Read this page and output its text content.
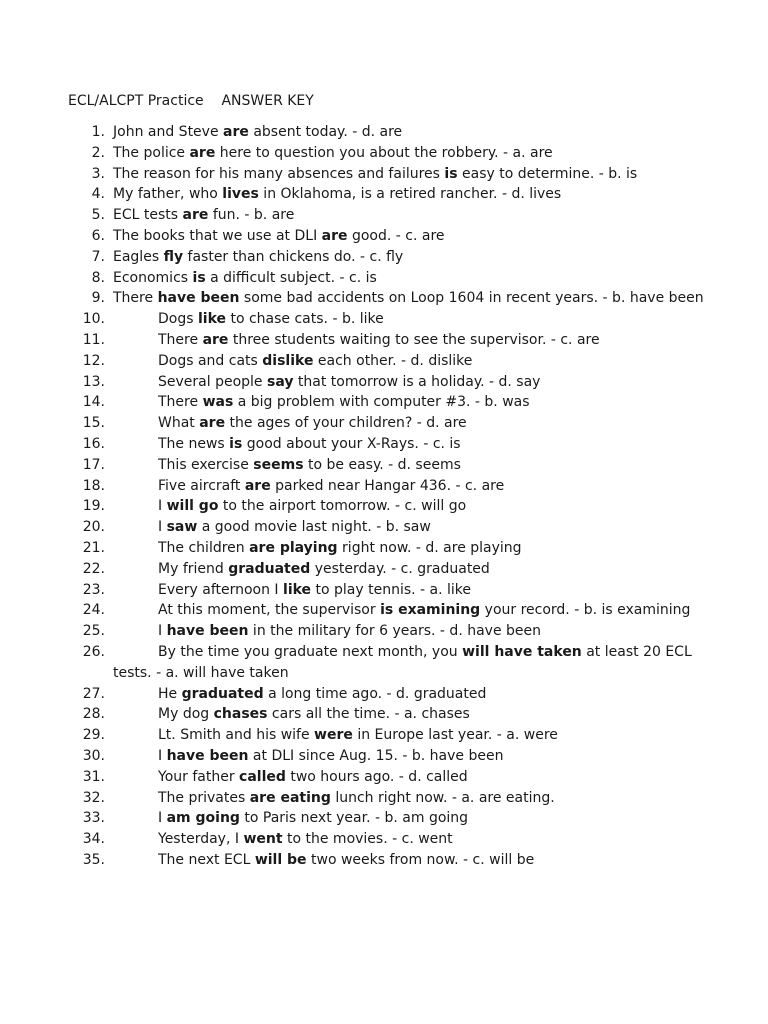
ECL/ALCPT Practice    ANSWER KEY
1. John and Steve are absent today. - d. are
2. The police are here to question you about the robbery. - a. are
3. The reason for his many absences and failures is easy to determine. - b. is
4. My father, who lives in Oklahoma, is a retired rancher. - d. lives
5. ECL tests are fun. - b. are
6. The books that we use at DLI are good. - c. are
7. Eagles fly faster than chickens do. - c. fly
8. Economics is a difficult subject. - c. is
9. There have been some bad accidents on Loop 1604 in recent years. - b. have been
10.	Dogs like to chase cats. - b. like
11.	There are three students waiting to see the supervisor. - c. are
12.	Dogs and cats dislike each other. - d. dislike
13.	Several people say that tomorrow is a holiday. - d. say
14.	There was a big problem with computer #3. - b. was
15.	What are the ages of your children? - d. are
16.	The news is good about your X-Rays. - c. is
17.	This exercise seems to be easy. - d. seems
18.	Five aircraft are parked near Hangar 436. - c. are
19.	I will go to the airport tomorrow. - c. will go
20.	I saw a good movie last night. - b. saw
21.	The children are playing right now. - d. are playing
22.	My friend graduated yesterday. - c. graduated
23.	Every afternoon I like to play tennis. - a. like
24.	At this moment, the supervisor is examining your record. - b. is examining
25.	I have been in the military for 6 years. - d. have been
26.	By the time you graduate next month, you will have taken at least 20 ECL tests. - a. will have taken
27.	He graduated a long time ago. - d. graduated
28.	My dog chases cars all the time. - a. chases
29.	Lt. Smith and his wife were in Europe last year. - a. were
30.	I have been at DLI since Aug. 15. - b. have been
31.	Your father called two hours ago. - d. called
32.	The privates are eating lunch right now. - a. are eating.
33.	I am going to Paris next year. - b. am going
34.	Yesterday, I went to the movies. - c. went
35.	The next ECL will be two weeks from now. - c. will be
